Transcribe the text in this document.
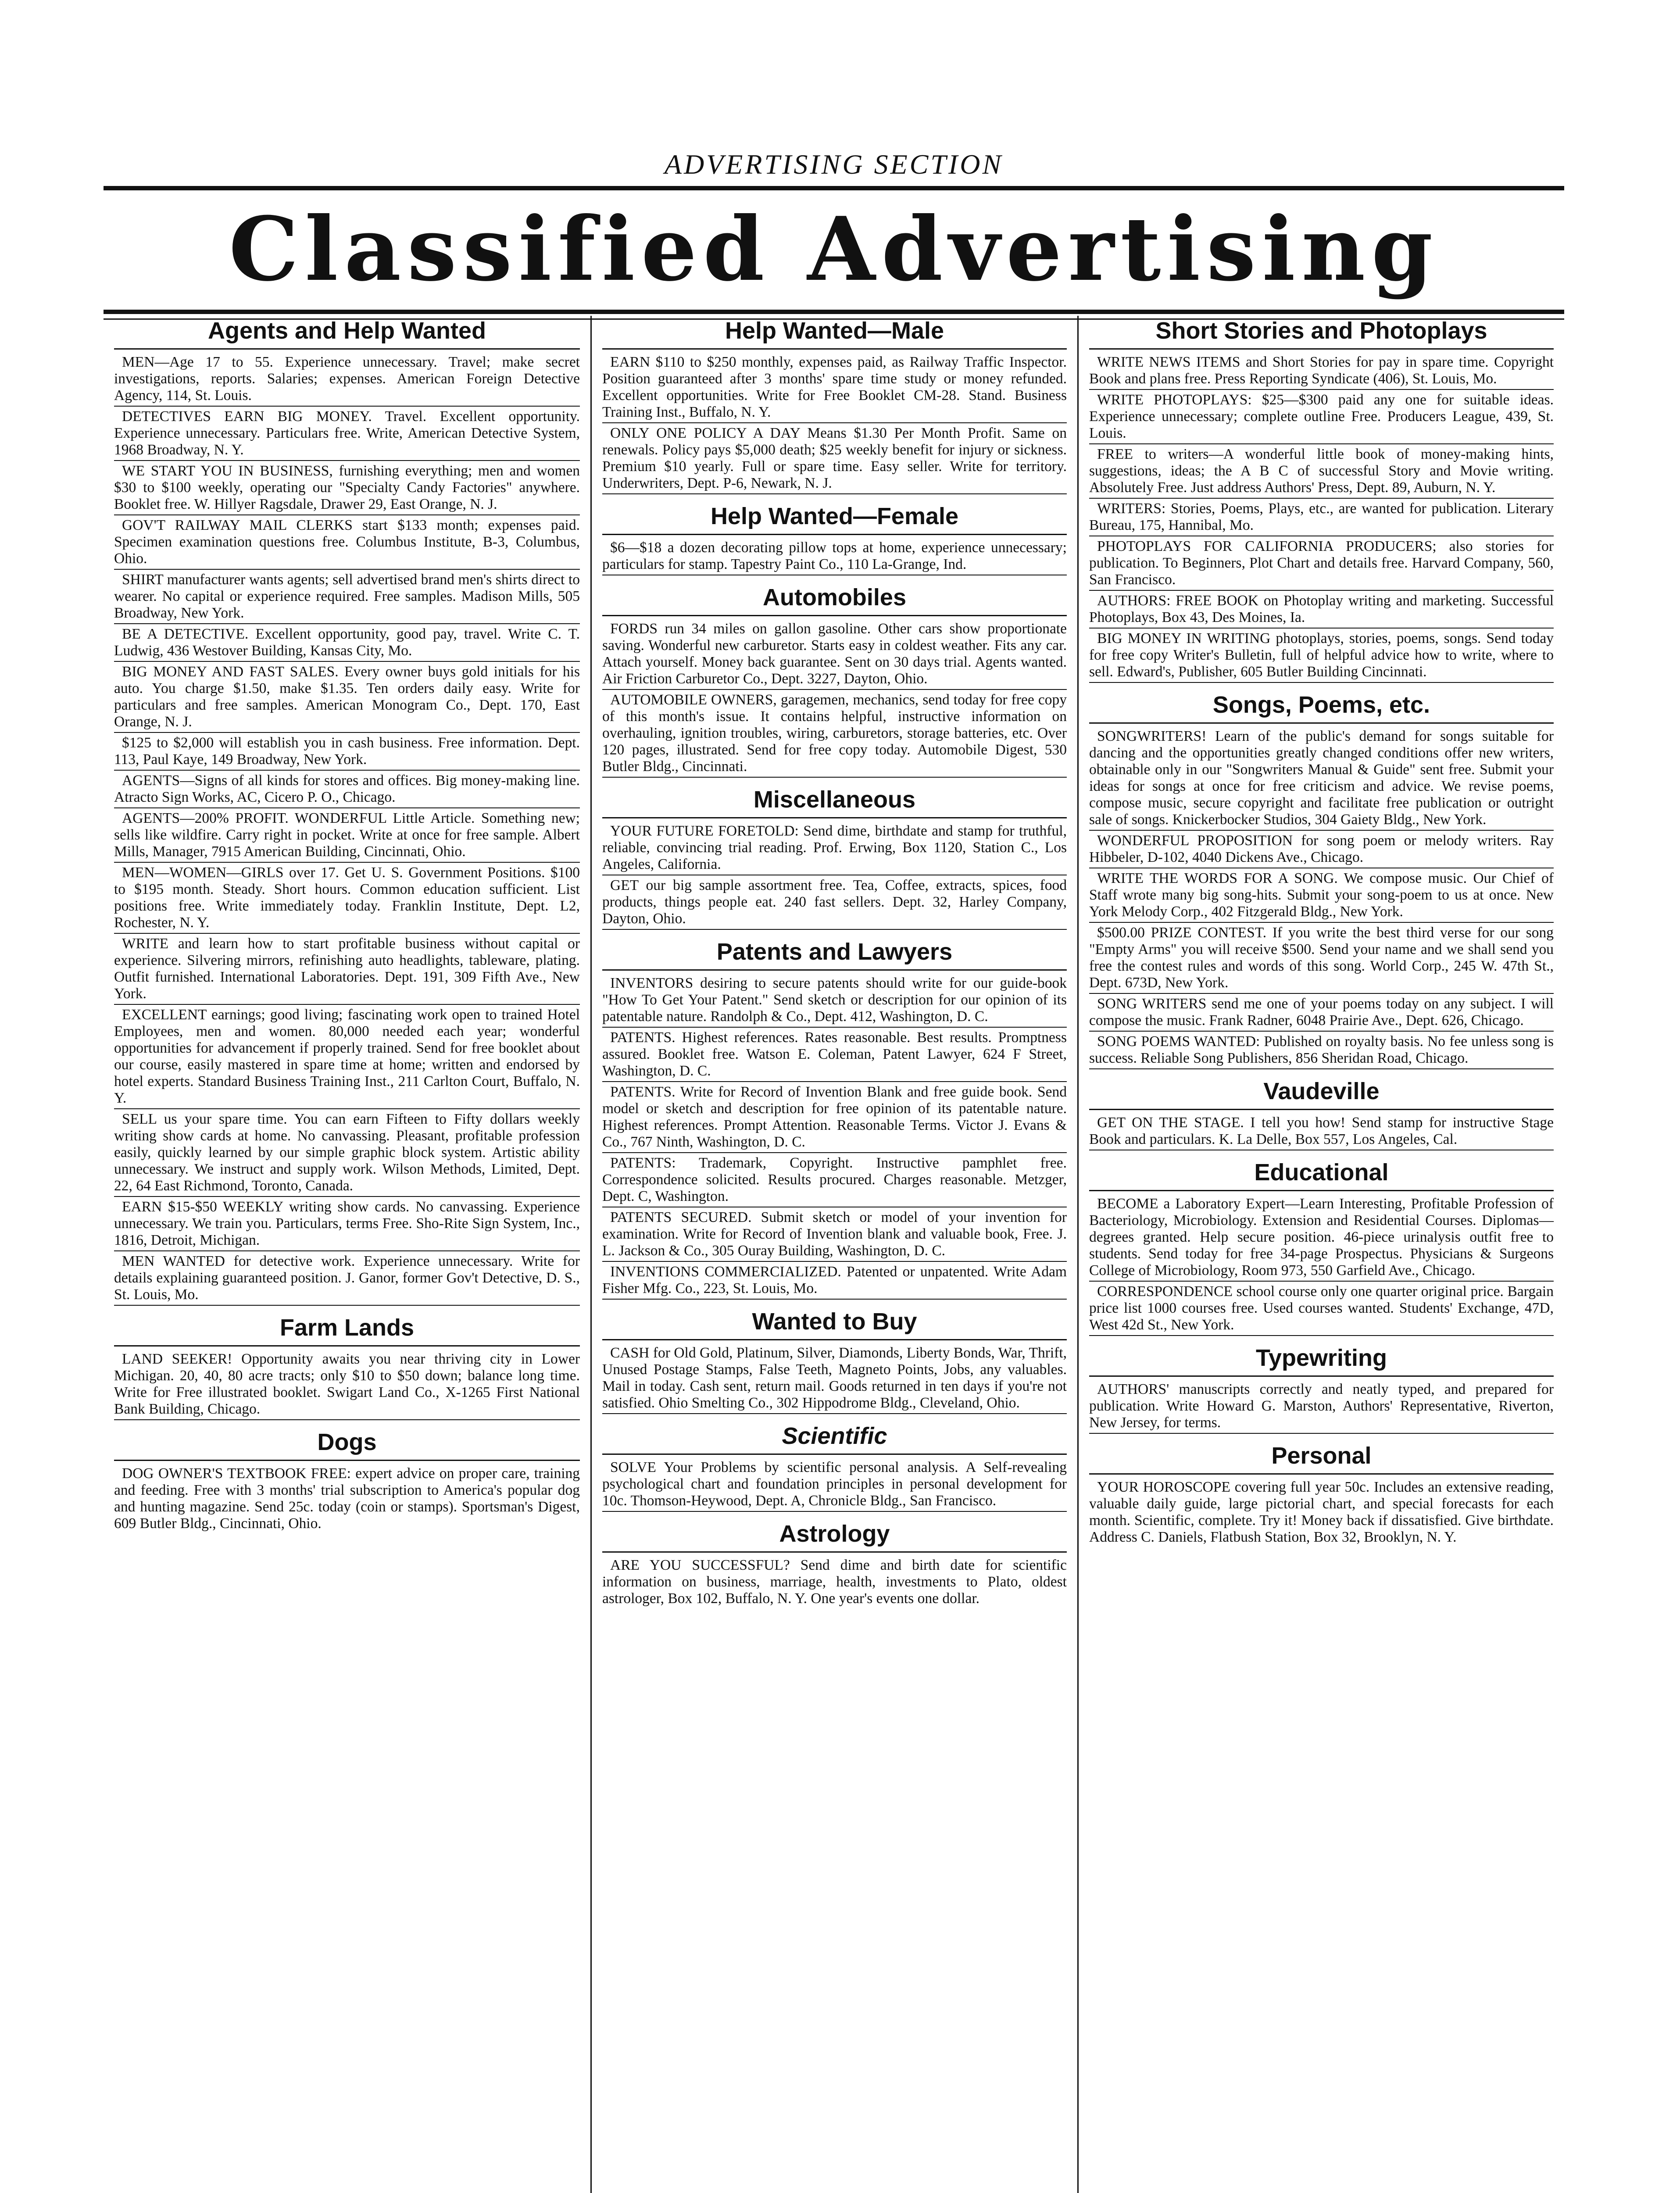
ADVERTISING SECTION
Classified Advertising
Agents and Help Wanted
MEN—Age 17 to 55. Experience unnecessary. Travel; make secret investigations, reports. Salaries; expenses. American Foreign Detective Agency, 114, St. Louis.
DETECTIVES EARN BIG MONEY. Travel. Excellent opportunity. Experience unnecessary. Particulars free. Write, American Detective System, 1968 Broadway, N. Y.
WE START YOU IN BUSINESS, furnishing everything; men and women $30 to $100 weekly, operating our "Specialty Candy Factories" anywhere. Booklet free. W. Hillyer Ragsdale, Drawer 29, East Orange, N. J.
GOV'T RAILWAY MAIL CLERKS start $133 month; expenses paid. Specimen examination questions free. Columbus Institute, B-3, Columbus, Ohio.
SHIRT manufacturer wants agents; sell advertised brand men's shirts direct to wearer. No capital or experience required. Free samples. Madison Mills, 505 Broadway, New York.
BE A DETECTIVE. Excellent opportunity, good pay, travel. Write C. T. Ludwig, 436 Westover Building, Kansas City, Mo.
BIG MONEY AND FAST SALES. Every owner buys gold initials for his auto. You charge $1.50, make $1.35. Ten orders daily easy. Write for particulars and free samples. American Monogram Co., Dept. 170, East Orange, N. J.
$125 to $2,000 will establish you in cash business. Free information. Dept. 113, Paul Kaye, 149 Broadway, New York.
AGENTS—Signs of all kinds for stores and offices. Big money-making line. Atracto Sign Works, AC, Cicero P. O., Chicago.
AGENTS—200% PROFIT. WONDERFUL Little Article. Something new; sells like wildfire. Carry right in pocket. Write at once for free sample. Albert Mills, Manager, 7915 American Building, Cincinnati, Ohio.
MEN—WOMEN—GIRLS over 17. Get U. S. Government Positions. $100 to $195 month. Steady. Short hours. Common education sufficient. List positions free. Write immediately today. Franklin Institute, Dept. L2, Rochester, N. Y.
WRITE and learn how to start profitable business without capital or experience. Silvering mirrors, refinishing auto headlights, tableware, plating. Outfit furnished. International Laboratories. Dept. 191, 309 Fifth Ave., New York.
EXCELLENT earnings; good living; fascinating work open to trained Hotel Employees, men and women. 80,000 needed each year; wonderful opportunities for advancement if properly trained. Send for free booklet about our course, easily mastered in spare time at home; written and endorsed by hotel experts. Standard Business Training Inst., 211 Carlton Court, Buffalo, N. Y.
SELL us your spare time. You can earn Fifteen to Fifty dollars weekly writing show cards at home. No canvassing. Pleasant, profitable profession easily, quickly learned by our simple graphic block system. Artistic ability unnecessary. We instruct and supply work. Wilson Methods, Limited, Dept. 22, 64 East Richmond, Toronto, Canada.
EARN $15-$50 WEEKLY writing show cards. No canvassing. Experience unnecessary. We train you. Particulars, terms Free. Sho-Rite Sign System, Inc., 1816, Detroit, Michigan.
MEN WANTED for detective work. Experience unnecessary. Write for details explaining guaranteed position. J. Ganor, former Gov't Detective, D. S., St. Louis, Mo.
Farm Lands
LAND SEEKER! Opportunity awaits you near thriving city in Lower Michigan. 20, 40, 80 acre tracts; only $10 to $50 down; balance long time. Write for Free illustrated booklet. Swigart Land Co., X-1265 First National Bank Building, Chicago.
Dogs
DOG OWNER'S TEXTBOOK FREE: expert advice on proper care, training and feeding. Free with 3 months' trial subscription to America's popular dog and hunting magazine. Send 25c. today (coin or stamps). Sportsman's Digest, 609 Butler Bldg., Cincinnati, Ohio.
Help Wanted—Male
EARN $110 to $250 monthly, expenses paid, as Railway Traffic Inspector. Position guaranteed after 3 months' spare time study or money refunded. Excellent opportunities. Write for Free Booklet CM-28. Stand. Business Training Inst., Buffalo, N. Y.
ONLY ONE POLICY A DAY Means $1.30 Per Month Profit. Same on renewals. Policy pays $5,000 death; $25 weekly benefit for injury or sickness. Premium $10 yearly. Full or spare time. Easy seller. Write for territory. Underwriters, Dept. P-6, Newark, N. J.
Help Wanted—Female
$6—$18 a dozen decorating pillow tops at home, experience unnecessary; particulars for stamp. Tapestry Paint Co., 110 La-Grange, Ind.
Automobiles
FORDS run 34 miles on gallon gasoline. Other cars show proportionate saving. Wonderful new carburetor. Starts easy in coldest weather. Fits any car. Attach yourself. Money back guarantee. Sent on 30 days trial. Agents wanted. Air Friction Carburetor Co., Dept. 3227, Dayton, Ohio.
AUTOMOBILE OWNERS, garagemen, mechanics, send today for free copy of this month's issue. It contains helpful, instructive information on overhauling, ignition troubles, wiring, carburetors, storage batteries, etc. Over 120 pages, illustrated. Send for free copy today. Automobile Digest, 530 Butler Bldg., Cincinnati.
Miscellaneous
YOUR FUTURE FORETOLD: Send dime, birthdate and stamp for truthful, reliable, convincing trial reading. Prof. Erwing, Box 1120, Station C., Los Angeles, California.
GET our big sample assortment free. Tea, Coffee, extracts, spices, food products, things people eat. 240 fast sellers. Dept. 32, Harley Company, Dayton, Ohio.
Patents and Lawyers
INVENTORS desiring to secure patents should write for our guide-book "How To Get Your Patent." Send sketch or description for our opinion of its patentable nature. Randolph & Co., Dept. 412, Washington, D. C.
PATENTS. Highest references. Rates reasonable. Best results. Promptness assured. Booklet free. Watson E. Coleman, Patent Lawyer, 624 F Street, Washington, D. C.
PATENTS. Write for Record of Invention Blank and free guide book. Send model or sketch and description for free opinion of its patentable nature. Highest references. Prompt Attention. Reasonable Terms. Victor J. Evans & Co., 767 Ninth, Washington, D. C.
PATENTS: Trademark, Copyright. Instructive pamphlet free. Correspondence solicited. Results procured. Charges reasonable. Metzger, Dept. C, Washington.
PATENTS SECURED. Submit sketch or model of your invention for examination. Write for Record of Invention blank and valuable book, Free. J. L. Jackson & Co., 305 Ouray Building, Washington, D. C.
INVENTIONS COMMERCIALIZED. Patented or unpatented. Write Adam Fisher Mfg. Co., 223, St. Louis, Mo.
Wanted to Buy
CASH for Old Gold, Platinum, Silver, Diamonds, Liberty Bonds, War, Thrift, Unused Postage Stamps, False Teeth, Magneto Points, Jobs, any valuables. Mail in today. Cash sent, return mail. Goods returned in ten days if you're not satisfied. Ohio Smelting Co., 302 Hippodrome Bldg., Cleveland, Ohio.
Scientific
SOLVE Your Problems by scientific personal analysis. A Self-revealing psychological chart and foundation principles in personal development for 10c. Thomson-Heywood, Dept. A, Chronicle Bldg., San Francisco.
Astrology
ARE YOU SUCCESSFUL? Send dime and birth date for scientific information on business, marriage, health, investments to Plato, oldest astrologer, Box 102, Buffalo, N. Y. One year's events one dollar.
Short Stories and Photoplays
WRITE NEWS ITEMS and Short Stories for pay in spare time. Copyright Book and plans free. Press Reporting Syndicate (406), St. Louis, Mo.
WRITE PHOTOPLAYS: $25—$300 paid any one for suitable ideas. Experience unnecessary; complete outline Free. Producers League, 439, St. Louis.
FREE to writers—A wonderful little book of money-making hints, suggestions, ideas; the A B C of successful Story and Movie writing. Absolutely Free. Just address Authors' Press, Dept. 89, Auburn, N. Y.
WRITERS: Stories, Poems, Plays, etc., are wanted for publication. Literary Bureau, 175, Hannibal, Mo.
PHOTOPLAYS FOR CALIFORNIA PRODUCERS; also stories for publication. To Beginners, Plot Chart and details free. Harvard Company, 560, San Francisco.
AUTHORS: FREE BOOK on Photoplay writing and marketing. Successful Photoplays, Box 43, Des Moines, Ia.
BIG MONEY IN WRITING photoplays, stories, poems, songs. Send today for free copy Writer's Bulletin, full of helpful advice how to write, where to sell. Edward's, Publisher, 605 Butler Building Cincinnati.
Songs, Poems, etc.
SONGWRITERS! Learn of the public's demand for songs suitable for dancing and the opportunities greatly changed conditions offer new writers, obtainable only in our "Songwriters Manual & Guide" sent free. Submit your ideas for songs at once for free criticism and advice. We revise poems, compose music, secure copyright and facilitate free publication or outright sale of songs. Knickerbocker Studios, 304 Gaiety Bldg., New York.
WONDERFUL PROPOSITION for song poem or melody writers. Ray Hibbeler, D-102, 4040 Dickens Ave., Chicago.
WRITE THE WORDS FOR A SONG. We compose music. Our Chief of Staff wrote many big song-hits. Submit your song-poem to us at once. New York Melody Corp., 402 Fitzgerald Bldg., New York.
$500.00 PRIZE CONTEST. If you write the best third verse for our song "Empty Arms" you will receive $500. Send your name and we shall send you free the contest rules and words of this song. World Corp., 245 W. 47th St., Dept. 673D, New York.
SONG WRITERS send me one of your poems today on any subject. I will compose the music. Frank Radner, 6048 Prairie Ave., Dept. 626, Chicago.
SONG POEMS WANTED: Published on royalty basis. No fee unless song is success. Reliable Song Publishers, 856 Sheridan Road, Chicago.
Vaudeville
GET ON THE STAGE. I tell you how! Send stamp for instructive Stage Book and particulars. K. La Delle, Box 557, Los Angeles, Cal.
Educational
BECOME a Laboratory Expert—Learn Interesting, Profitable Profession of Bacteriology, Microbiology. Extension and Residential Courses. Diplomas—degrees granted. Help secure position. 46-piece urinalysis outfit free to students. Send today for free 34-page Prospectus. Physicians & Surgeons College of Microbiology, Room 973, 550 Garfield Ave., Chicago.
CORRESPONDENCE school course only one quarter original price. Bargain price list 1000 courses free. Used courses wanted. Students' Exchange, 47D, West 42d St., New York.
Typewriting
AUTHORS' manuscripts correctly and neatly typed, and prepared for publication. Write Howard G. Marston, Authors' Representative, Riverton, New Jersey, for terms.
Personal
YOUR HOROSCOPE covering full year 50c. Includes an extensive reading, valuable daily guide, large pictorial chart, and special forecasts for each month. Scientific, complete. Try it! Money back if dissatisfied. Give birthdate. Address C. Daniels, Flatbush Station, Box 32, Brooklyn, N. Y.
